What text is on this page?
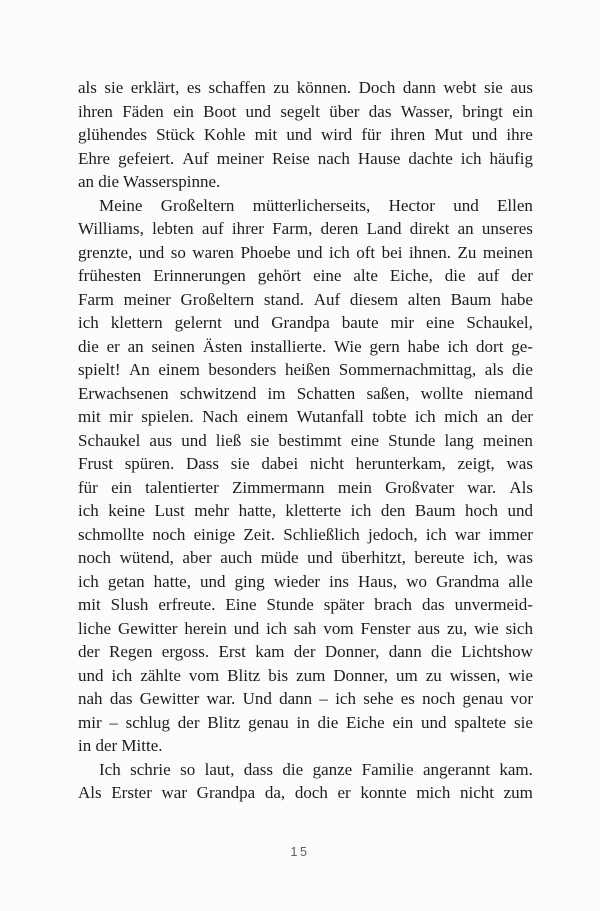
als sie erklärt, es schaffen zu können. Doch dann webt sie aus
ihren Fäden ein Boot und segelt über das Wasser, bringt ein
glühendes Stück Kohle mit und wird für ihren Mut und ihre
Ehre gefeiert. Auf meiner Reise nach Hause dachte ich häufig
an die Wasserspinne.
Meine Großeltern mütterlicherseits, Hector und Ellen
Williams, lebten auf ihrer Farm, deren Land direkt an unseres
grenzte, und so waren Phoebe und ich oft bei ihnen. Zu meinen
frühesten Erinnerungen gehört eine alte Eiche, die auf der
Farm meiner Großeltern stand. Auf diesem alten Baum habe
ich klettern gelernt und Grandpa baute mir eine Schaukel,
die er an seinen Ästen installierte. Wie gern habe ich dort ge-
spielt! An einem besonders heißen Sommernachmittag, als die
Erwachsenen schwitzend im Schatten saßen, wollte niemand
mit mir spielen. Nach einem Wutanfall tobte ich mich an der
Schaukel aus und ließ sie bestimmt eine Stunde lang meinen
Frust spüren. Dass sie dabei nicht herunterkam, zeigt, was
für ein talentierter Zimmermann mein Großvater war. Als
ich keine Lust mehr hatte, kletterte ich den Baum hoch und
schmollte noch einige Zeit. Schließlich jedoch, ich war immer
noch wütend, aber auch müde und überhitzt, bereute ich, was
ich getan hatte, und ging wieder ins Haus, wo Grandma alle
mit Slush erfreute. Eine Stunde später brach das unvermeid-
liche Gewitter herein und ich sah vom Fenster aus zu, wie sich
der Regen ergoss. Erst kam der Donner, dann die Lichtshow
und ich zählte vom Blitz bis zum Donner, um zu wissen, wie
nah das Gewitter war. Und dann – ich sehe es noch genau vor
mir – schlug der Blitz genau in die Eiche ein und spaltete sie
in der Mitte.
Ich schrie so laut, dass die ganze Familie angerannt kam.
Als Erster war Grandpa da, doch er konnte mich nicht zum
15
